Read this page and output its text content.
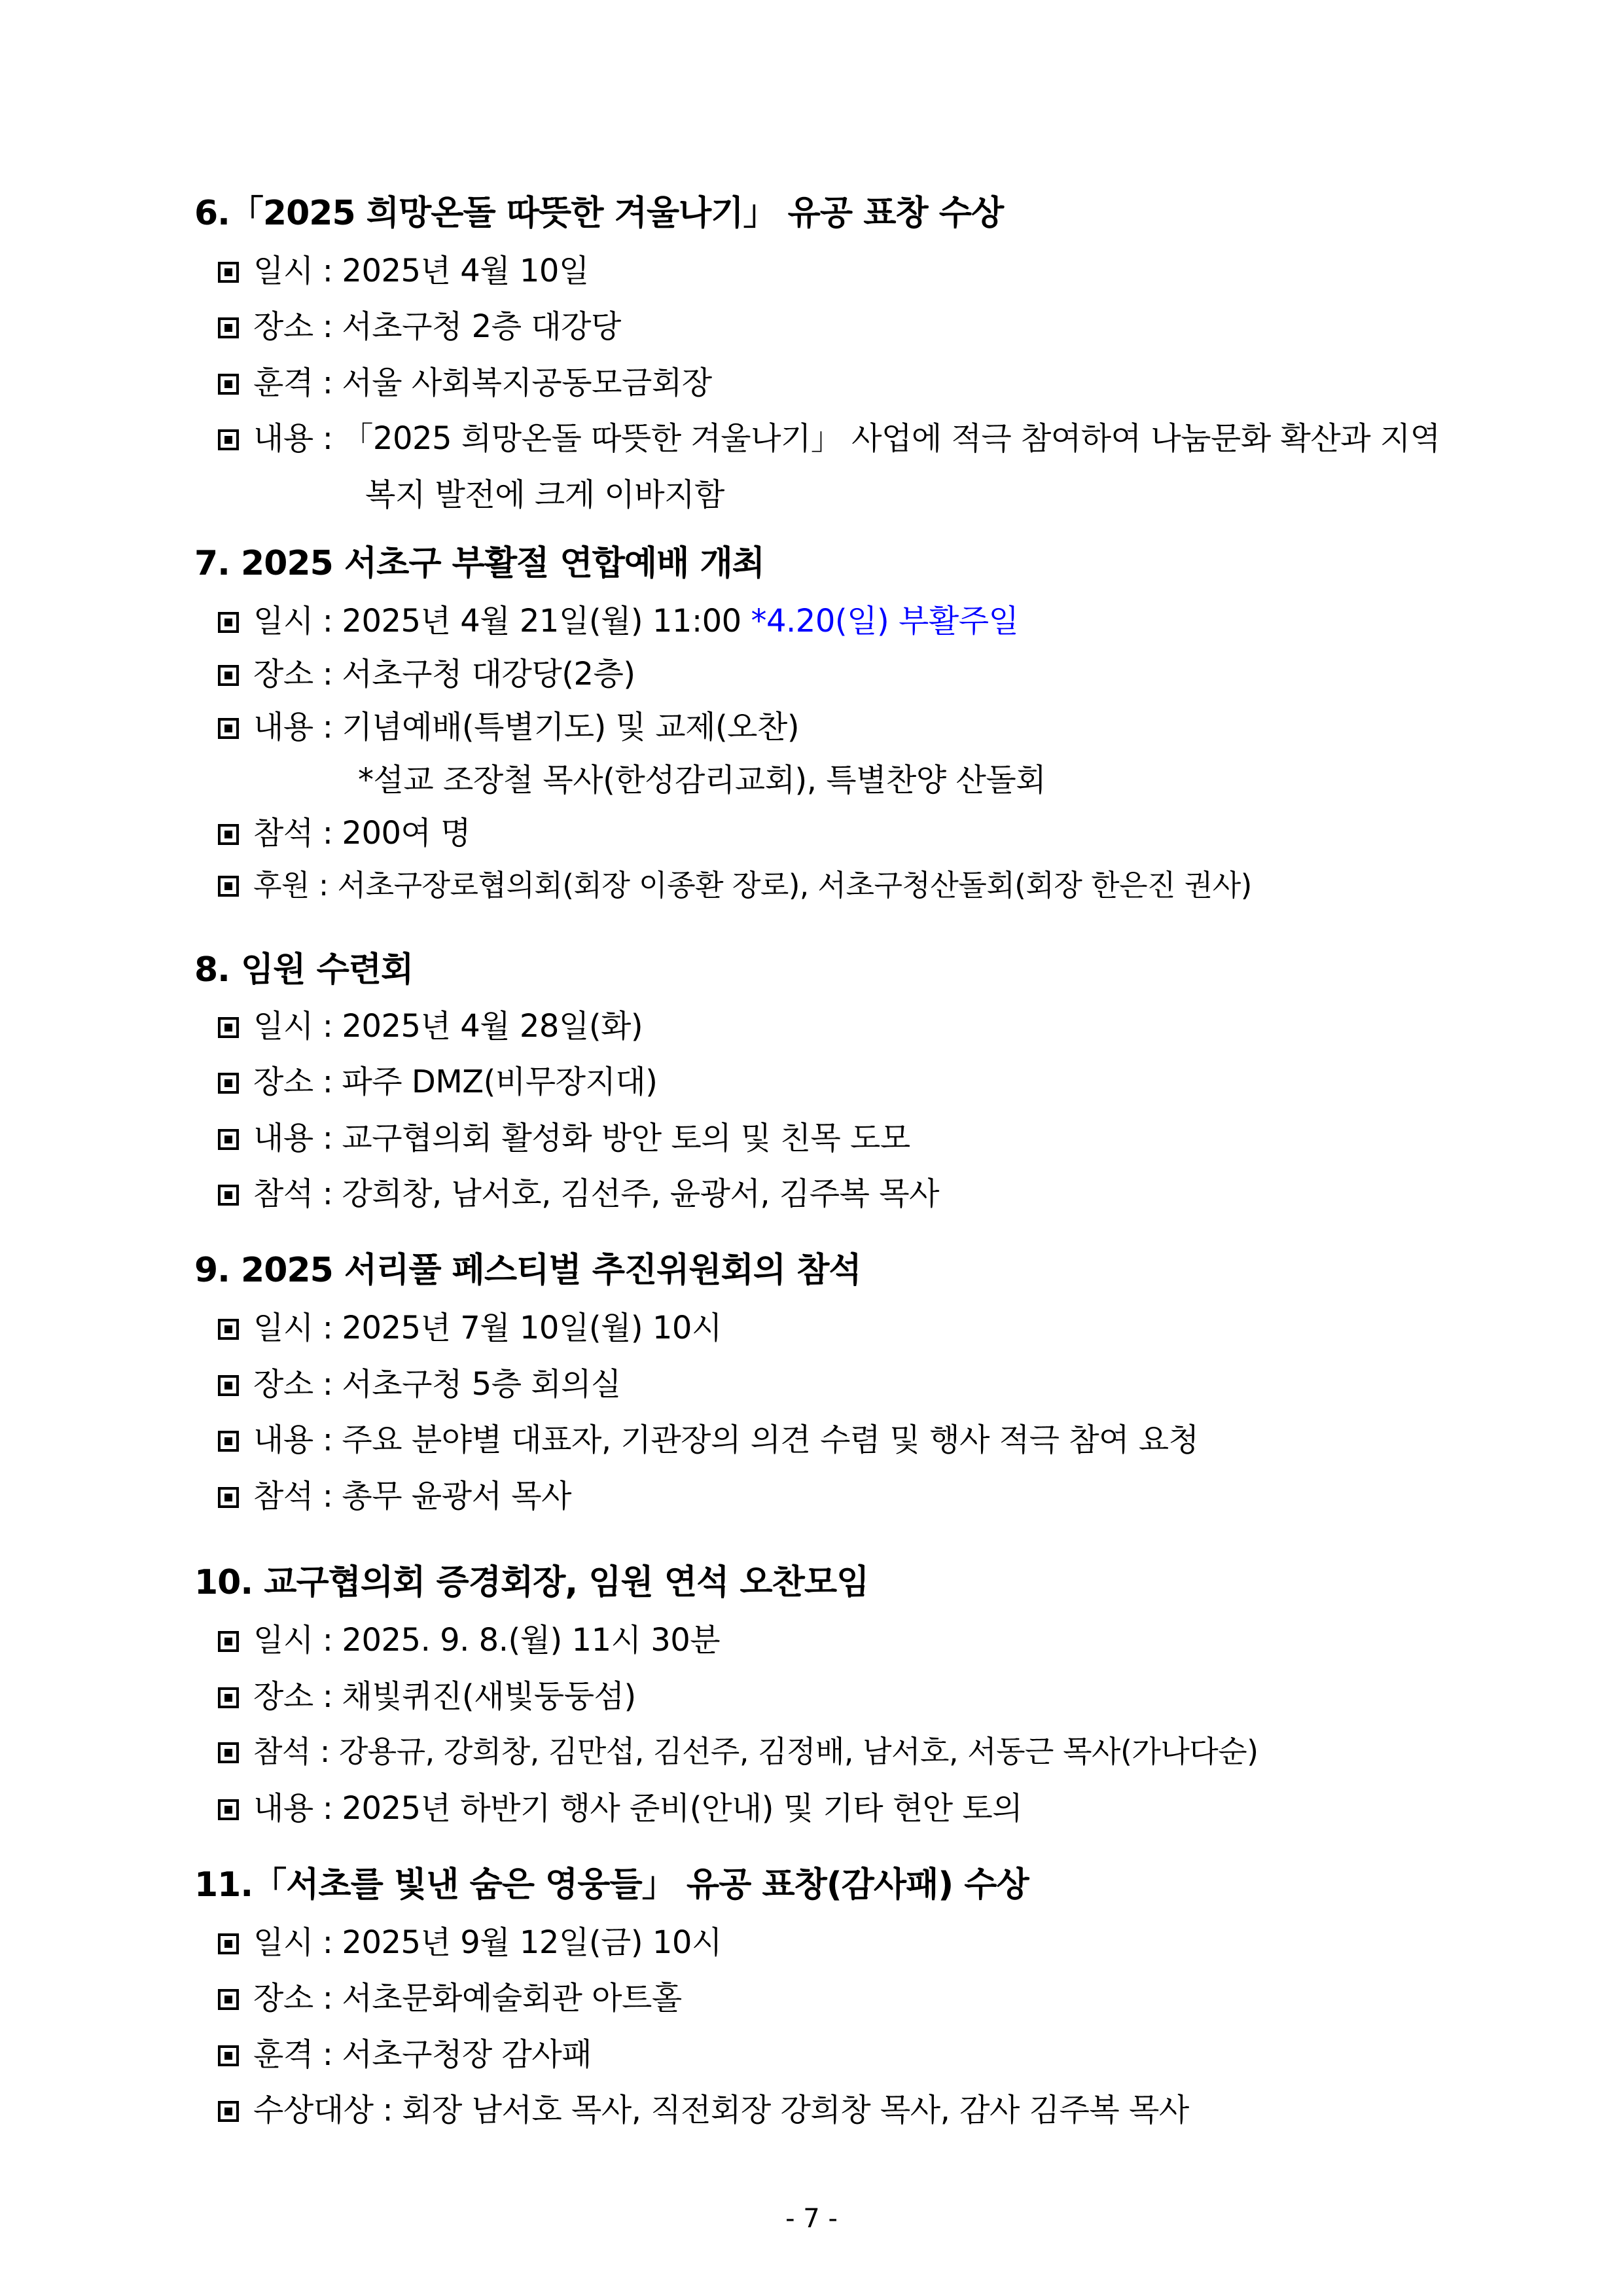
6.「2025 희망온돌 따뜻한 겨울나기」 유공 표창 수상
일시 : 2025년 4월 10일
장소 : 서초구청 2층 대강당
훈격 : 서울 사회복지공동모금회장
내용 : 「2025 희망온돌 따뜻한 겨울나기」 사업에 적극 참여하여 나눔문화 확산과 지역
복지 발전에 크게 이바지함
7. 2025 서초구 부활절 연합예배 개최
일시 : 2025년 4월 21일(월) 11:00 *4.20(일) 부활주일
장소 : 서초구청 대강당(2층)
내용 : 기념예배(특별기도) 및 교제(오찬)
*설교 조장철 목사(한성감리교회), 특별찬양 산돌회
참석 : 200여 명
후원 : 서초구장로협의회(회장 이종환 장로), 서초구청산돌회(회장 한은진 권사)
8. 임원 수련회
일시 : 2025년 4월 28일(화)
장소 : 파주 DMZ(비무장지대)
내용 : 교구협의회 활성화 방안 토의 및 친목 도모
참석 : 강희창, 남서호, 김선주, 윤광서, 김주복 목사
9. 2025 서리풀 페스티벌 추진위원회의 참석
일시 : 2025년 7월 10일(월) 10시
장소 : 서초구청 5층 회의실
내용 : 주요 분야별 대표자, 기관장의 의견 수렴 및 행사 적극 참여 요청
참석 : 총무 윤광서 목사
10. 교구협의회 증경회장, 임원 연석 오찬모임
일시 : 2025. 9. 8.(월) 11시 30분
장소 : 채빛퀴진(새빛둥둥섬)
참석 : 강용규, 강희창, 김만섭, 김선주, 김정배, 남서호, 서동근 목사(가나다순)
내용 : 2025년 하반기 행사 준비(안내) 및 기타 현안 토의
11.「서초를 빛낸 숨은 영웅들」 유공 표창(감사패) 수상
일시 : 2025년 9월 12일(금) 10시
장소 : 서초문화예술회관 아트홀
훈격 : 서초구청장 감사패
수상대상 : 회장 남서호 목사, 직전회장 강희창 목사, 감사 김주복 목사
- 7 -
